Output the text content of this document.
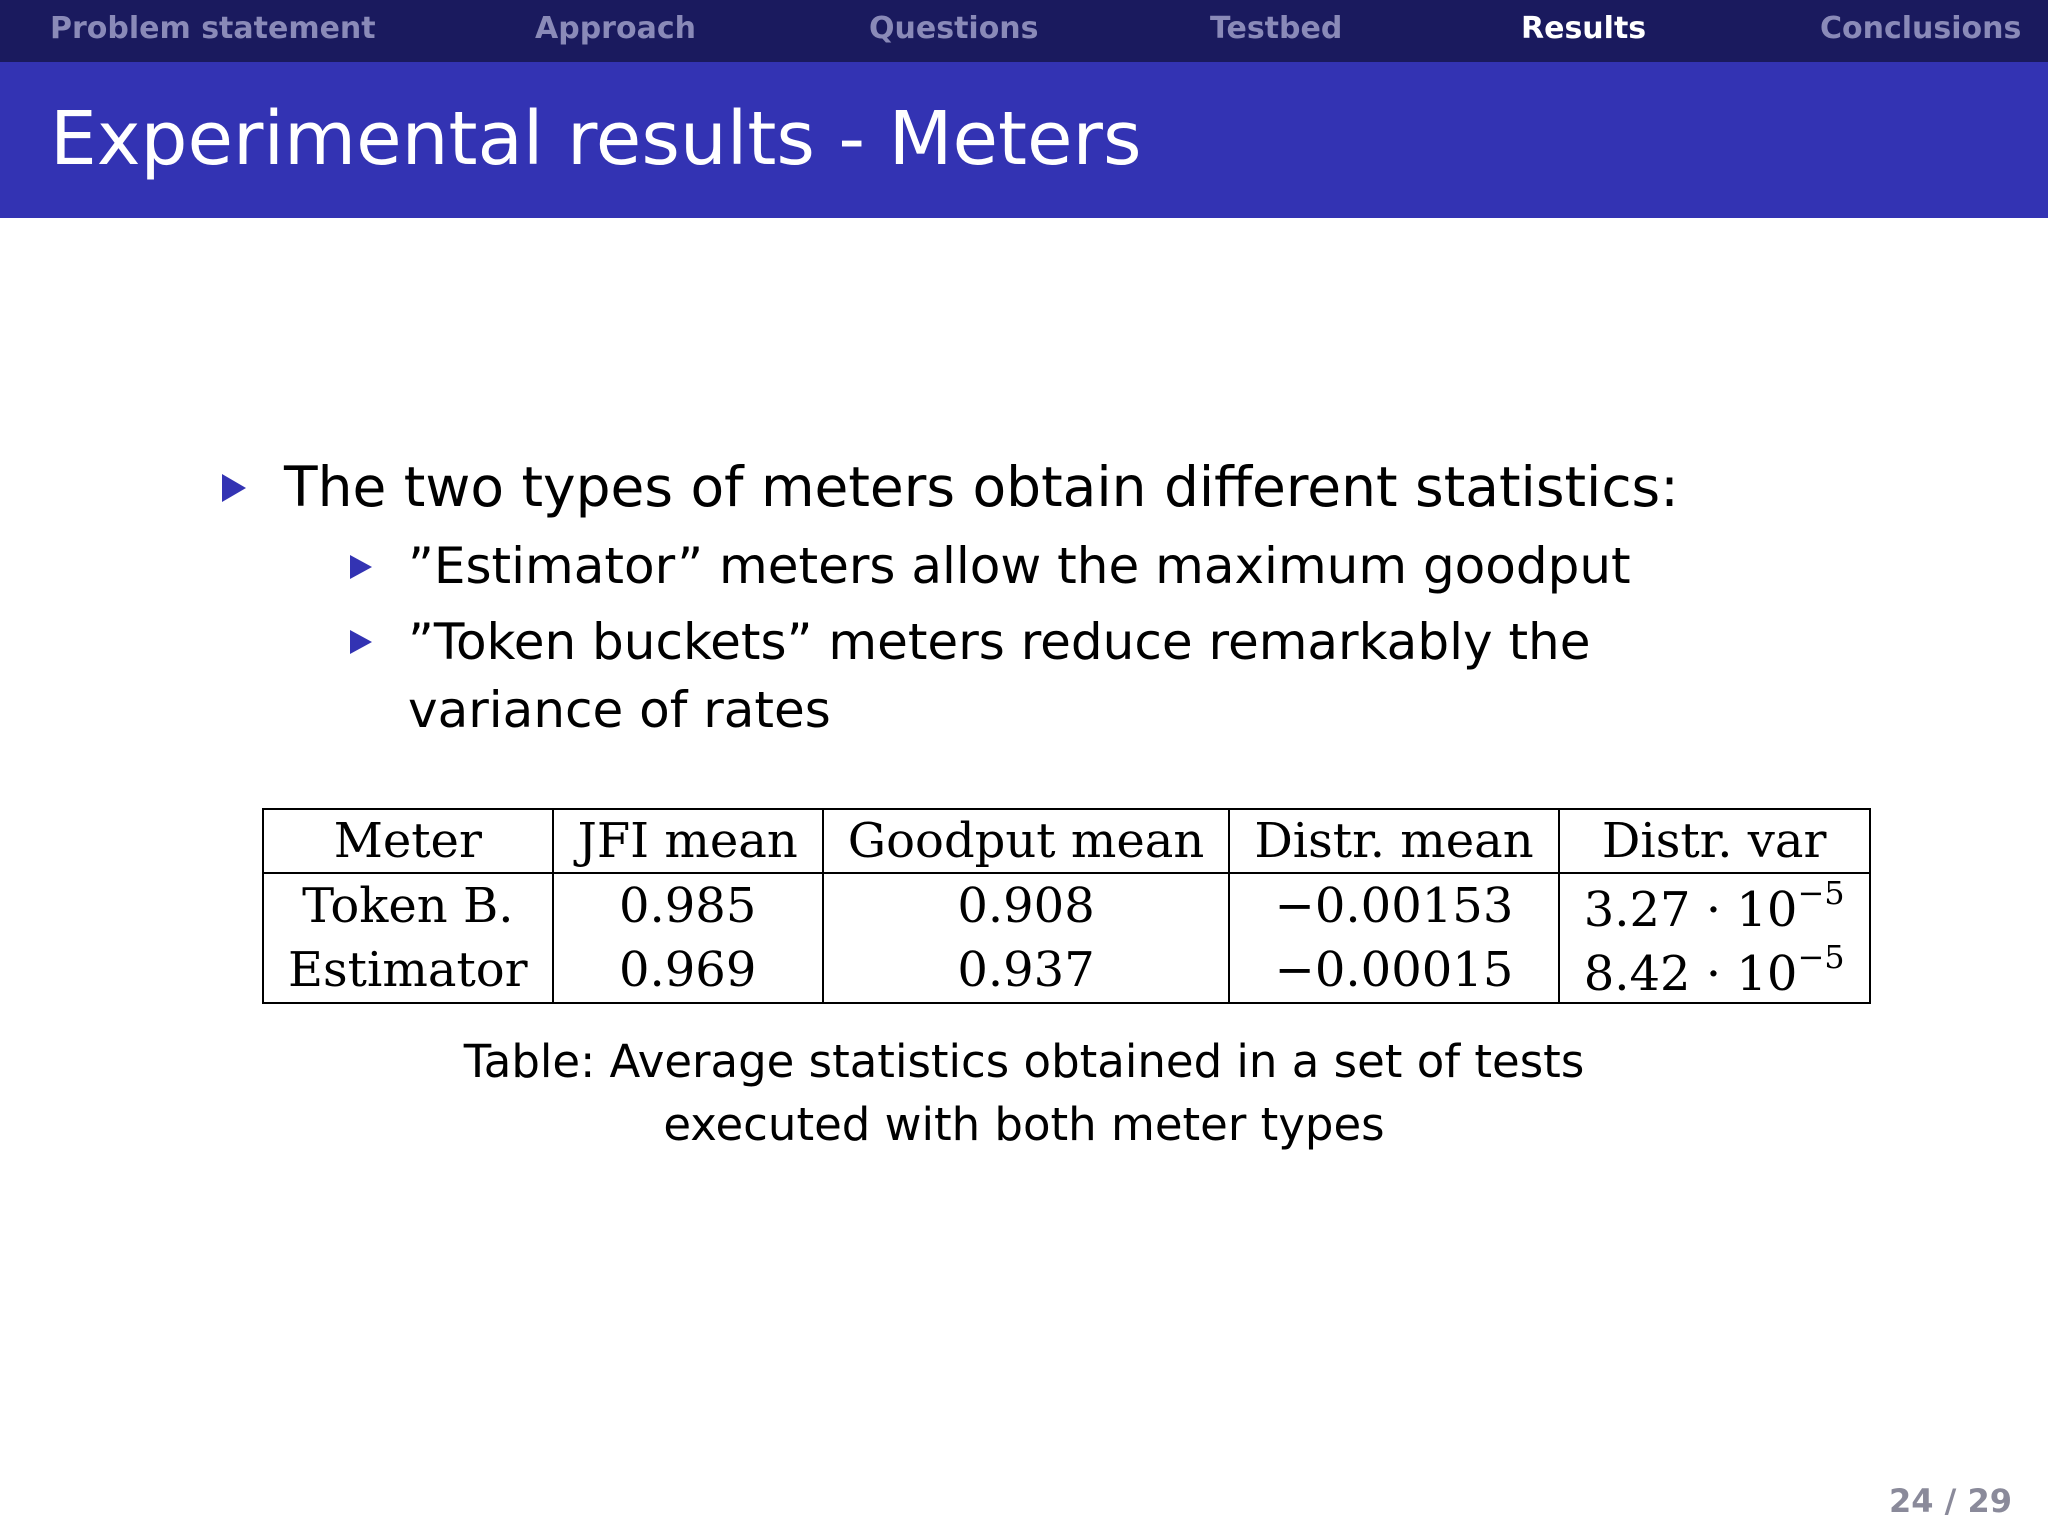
Problem statement	Approach	Questions	Testbed	Results	Conclusions
Experimental results - Meters
The two types of meters obtain different statistics:
”Estimator” meters allow the maximum goodput
”Token buckets” meters reduce remarkably the variance of rates
Meter	JFI mean	Goodput mean	Distr. mean	Distr. var
Token B.	0.985	0.908	−0.00153	$3.27 \cdot 10^{-5}$
Estimator	0.969	0.937	−0.00015	$8.42 \cdot 10^{-5}$
Table: Average statistics obtained in a set of tests
executed with both meter types
24 / 29
